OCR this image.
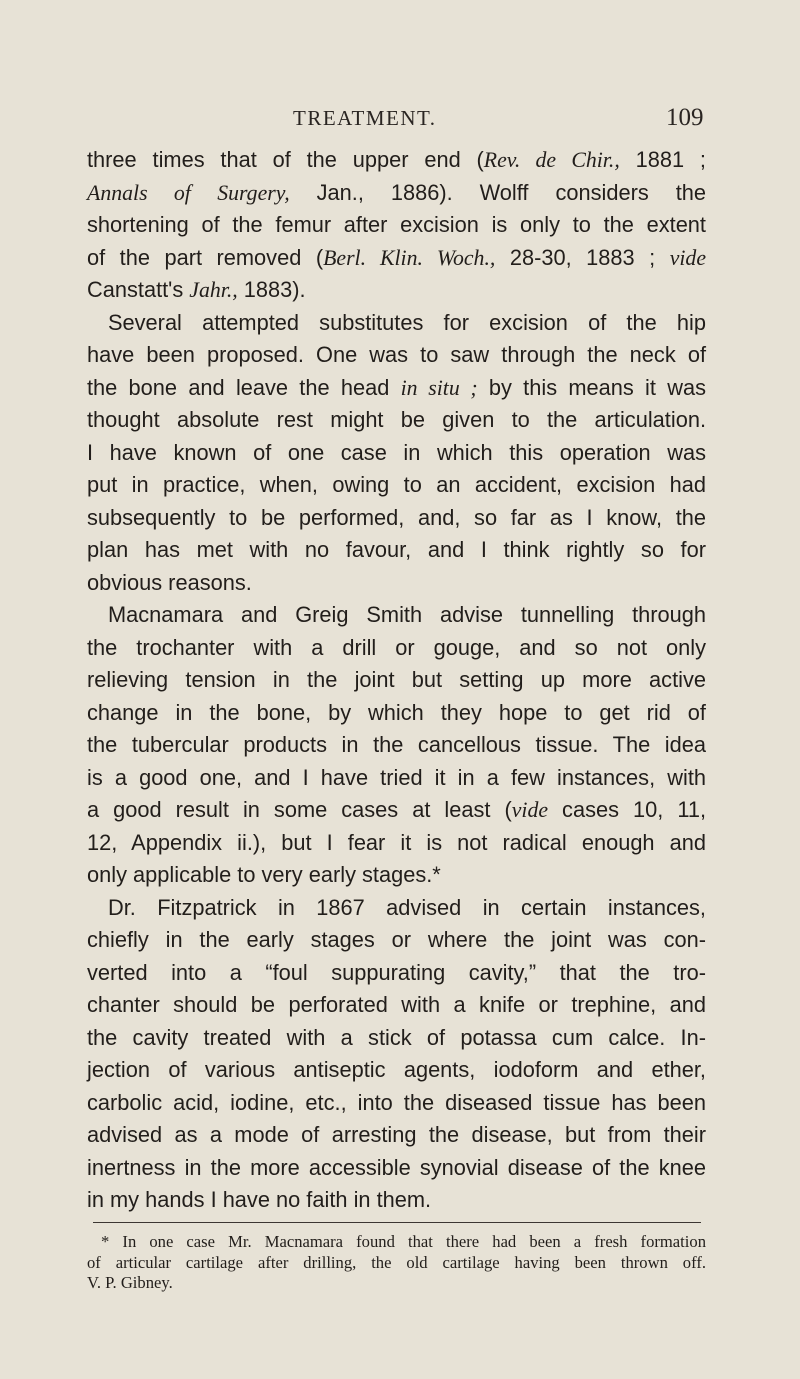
TREATMENT.	109
three times that of the upper end (Rev. de Chir., 1881 ;
Annals of Surgery, Jan., 1886). Wolff considers the
shortening of the femur after excision is only to the extent
of the part removed (Berl. Klin. Woch., 28-30, 1883 ; vide
Canstatt's Jahr., 1883).
Several attempted substitutes for excision of the hip
have been proposed. One was to saw through the neck of
the bone and leave the head in situ ; by this means it was
thought absolute rest might be given to the articulation.
I have known of one case in which this operation was
put in practice, when, owing to an accident, excision had
subsequently to be performed, and, so far as I know, the
plan has met with no favour, and I think rightly so for
obvious reasons.
Macnamara and Greig Smith advise tunnelling through
the trochanter with a drill or gouge, and so not only
relieving tension in the joint but setting up more active
change in the bone, by which they hope to get rid of
the tubercular products in the cancellous tissue. The idea
is a good one, and I have tried it in a few instances, with
a good result in some cases at least (vide cases 10, 11,
12, Appendix ii.), but I fear it is not radical enough and
only applicable to very early stages.*
Dr. Fitzpatrick in 1867 advised in certain instances,
chiefly in the early stages or where the joint was con-
verted into a “foul suppurating cavity,” that the tro-
chanter should be perforated with a knife or trephine, and
the cavity treated with a stick of potassa cum calce. In-
jection of various antiseptic agents, iodoform and ether,
carbolic acid, iodine, etc., into the diseased tissue has been
advised as a mode of arresting the disease, but from their
inertness in the more accessible synovial disease of the knee
in my hands I have no faith in them.
* In one case Mr. Macnamara found that there had been a fresh formation
of articular cartilage after drilling, the old cartilage having been thrown off.
V. P. Gibney.
